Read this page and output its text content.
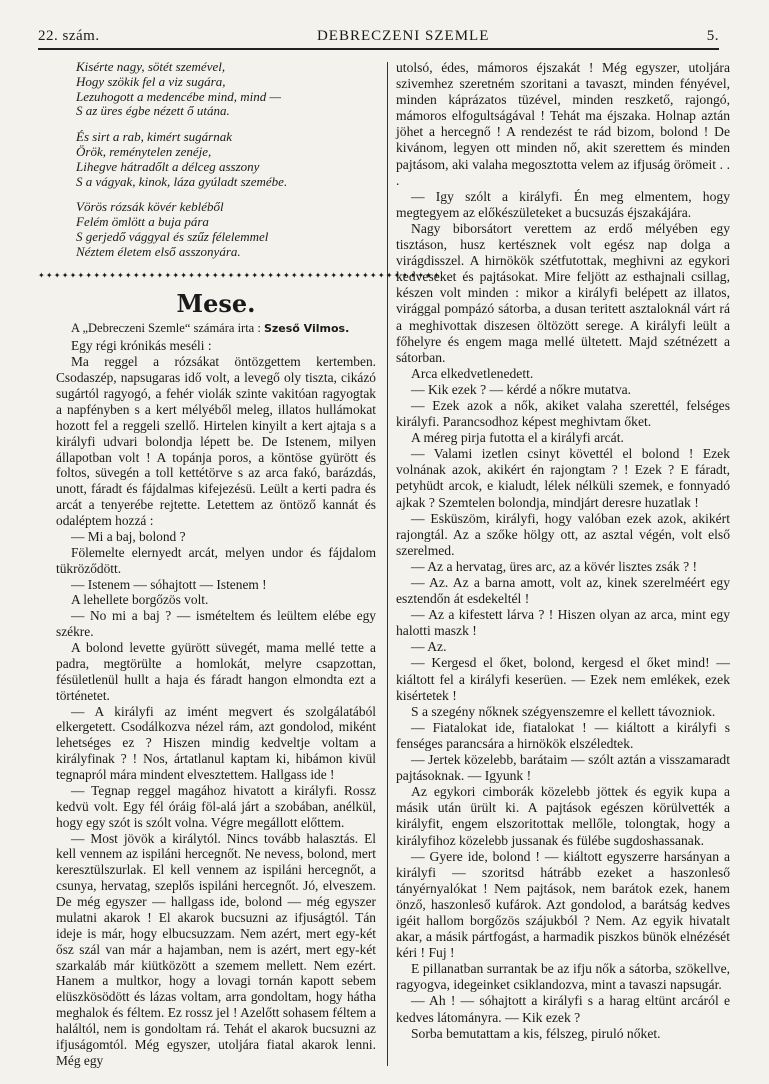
22. szám.	DEBRECZENI SZEMLE	5.
Kisérte nagy, sötét szemével,
Hogy szökik fel a viz sugára,
Lezuhogott a medencébe mind, mind —
S az üres égbe nézett ő utána.
És sirt a rab, kimért sugárnak
Örök, reménytelen zenéje,
Lihegve hátradőlt a délceg asszony
S a vágyak, kinok, láza gyúladt szemébe.
Vörös rózsák kövér kebléből
Felém ömlött a buja pára
S gerjedő vággyal és szűz félelemmel
Néztem életem első asszonyára.
✦✦✦✦✦✦✦✦✦✦✦✦✦✦✦✦✦✦✦✦✦✦✦✦✦✦✦✦✦✦✦✦✦✦✦✦✦✦✦✦✦✦✦✦✦✦✦✦✦✦✦
Mese.
A „Debreczeni Szemle“ számára irta : Szeső Vilmos.

Egy régi krónikás meséli :

Ma reggel a rózsákat öntözgettem kertemben. Csodaszép, napsugaras idő volt, a levegő oly tiszta, cikázó sugártól ragyogó, a fehér violák szinte vakitóan ragyogtak a napfényben s a kert mélyéből meleg, illatos hullámokat hozott fel a reggeli szellő. Hirtelen kinyilt a kert ajtaja s a királyfi udvari bolondja lépett be. De Istenem, milyen állapotban volt ! A topánja poros, a köntöse gyürött és foltos, süvegén a toll kettétörve s az arca fakó, barázdás, unott, fáradt és fájdalmas kifejezésü. Leült a kerti padra és arcát a tenyerébe rejtette. Letettem az öntöző kannát és odaléptem hozzá :

— Mi a baj, bolond ?

Fölemelte elernyedt arcát, melyen undor és fájdalom tükröződött.

— Istenem — sóhajtott — Istenem !

A lehellete borgőzös volt.

— No mi a baj ? — ismételtem és leültem elébe egy székre.

A bolond levette gyürött süvegét, mama mellé tette a padra, megtörülte a homlokát, melyre csapzottan, fésületlenül hullt a haja és fáradt hangon elmondta ezt a történetet.

— A királyfi az imént megvert és szolgálatából elkergetett. Csodálkozva nézel rám, azt gondolod, miként lehetséges ez ? Hiszen mindig kedveltje voltam a királyfinak ? ! Nos, ártatlanul kaptam ki, hibámon kivül tegnapról mára mindent elvesztettem. Hallgass ide !

— Tegnap reggel magához hivatott a királyfi. Rossz kedvü volt. Egy fél óráig föl-alá járt a szobában, anélkül, hogy egy szót is szólt volna. Végre megállott előttem.

— Most jövök a királytól. Nincs tovább halasztás. El kell vennem az ispiláni hercegnőt. Ne nevess, bolond, mert keresztülszurlak. El kell vennem az ispiláni hercegnőt, a csunya, hervatag, szeplős ispiláni hercegnőt. Jó, elveszem. De még egyszer — hallgass ide, bolond — még egyszer mulatni akarok ! El akarok bucsuzni az ifjuságtól. Tán ideje is már, hogy elbucsuzzam. Nem azért, mert egy-két ősz szál van már a hajamban, nem is azért, mert egy-két szarkaláb már kiütközött a szemem mellett. Nem ezért. Hanem a multkor, hogy a lovagi tornán kapott sebem elüszkösödött és lázas voltam, arra gondoltam, hogy hátha meghalok és féltem. Ez rossz jel ! Azelőtt sohasem féltem a haláltól, nem is gondoltam rá. Tehát el akarok bucsuzni az ifjuságomtól. Még egyszer, utoljára fiatal akarok lenni. Még egy

utolsó, édes, mámoros éjszakát ! Még egyszer, utoljára szivemhez szeretném szoritani a tavaszt, minden fényével, minden káprázatos tüzével, minden reszkető, rajongó, mámoros elfogultságával ! Tehát ma éjszaka. Holnap aztán jöhet a hercegnő ! A rendezést te rád bizom, bolond ! De kivánom, legyen ott minden nő, akit szerettem és minden pajtásom, aki valaha megosztotta velem az ifjuság örömeit . . .

— Igy szólt a királyfi. Én meg elmentem, hogy megtegyem az előkészületeket a bucsuzás éjszakájára.

Nagy biborsátort verettem az erdő mélyében egy tisztáson, husz kertésznek volt egész nap dolga a virágdisszel. A hirnökök szétfutottak, meghivni az egykori kedveseket és pajtásokat. Mire feljött az esthajnali csillag, készen volt minden : mikor a királyfi belépett az illatos, virággal pompázó sátorba, a dusan teritett asztaloknál várt rá a meghivottak diszesen öltözött serege. A királyfi leült a főhelyre és engem maga mellé ültetett. Majd szétnézett a sátorban.

Arca elkedvetlenedett.

— Kik ezek ? — kérdé a nőkre mutatva.

— Ezek azok a nők, akiket valaha szerettél, felséges királyfi. Parancsodhoz képest meghivtam őket.

A méreg pirja futotta el a királyfi arcát.

— Valami izetlen csinyt követtél el bolond ! Ezek volnának azok, akikért én rajongtam ? ! Ezek ? E fáradt, petyhüdt arcok, e kialudt, lélek nélküli szemek, e fonnyadó ajkak ? Szemtelen bolondja, mindjárt deresre huzatlak !

— Esküszöm, királyfi, hogy valóban ezek azok, akikért rajongtál. Az a szőke hölgy ott, az asztal végén, volt első szerelmed.

— Az a hervatag, üres arc, az a kövér lisztes zsák ? !

— Az. Az a barna amott, volt az, kinek szerelméért egy esztendőn át esdekeltél !

— Az a kifestett lárva ? ! Hiszen olyan az arca, mint egy halotti maszk !

— Az.

— Kergesd el őket, bolond, kergesd el őket mind! — kiáltott fel a királyfi keserüen. — Ezek nem emlékek, ezek kisértetek !

S a szegény nőknek szégyenszemre el kellett távozniok.

— Fiatalokat ide, fiatalokat ! — kiáltott a királyfi s fenséges parancsára a hirnökök elszéledtek.

— Jertek közelebb, barátaim — szólt aztán a visszamaradt pajtásoknak. — Igyunk !

Az egykori cimborák közelebb jöttek és egyik kupa a másik után ürült ki. A pajtások egészen körülvették a királyfit, engem elszoritottak mellőle, tolongtak, hogy a királyfihoz közelebb jussanak és fülébe sugdoshassanak.

— Gyere ide, bolond ! — kiáltott egyszerre harsányan a királyfi — szoritsd hátrább ezeket a haszonleső tányérnyalókat ! Nem pajtások, nem barátok ezek, hanem önző, haszonleső kufárok. Azt gondolod, a barátság kedves igéit hallom borgőzös szájukból ? Nem. Az egyik hivatalt akar, a másik pártfogást, a harmadik piszkos bünök elnézését kéri ! Fuj !

E pillanatban surrantak be az ifju nők a sátorba, szökellve, ragyogva, idegeinket csiklandozva, mint a tavaszi napsugár.

— Ah ! — sóhajtott a királyfi s a harag eltünt arcáról e kedves látományra. — Kik ezek ?

Sorba bemutattam a kis, félszeg, piruló nőket.
